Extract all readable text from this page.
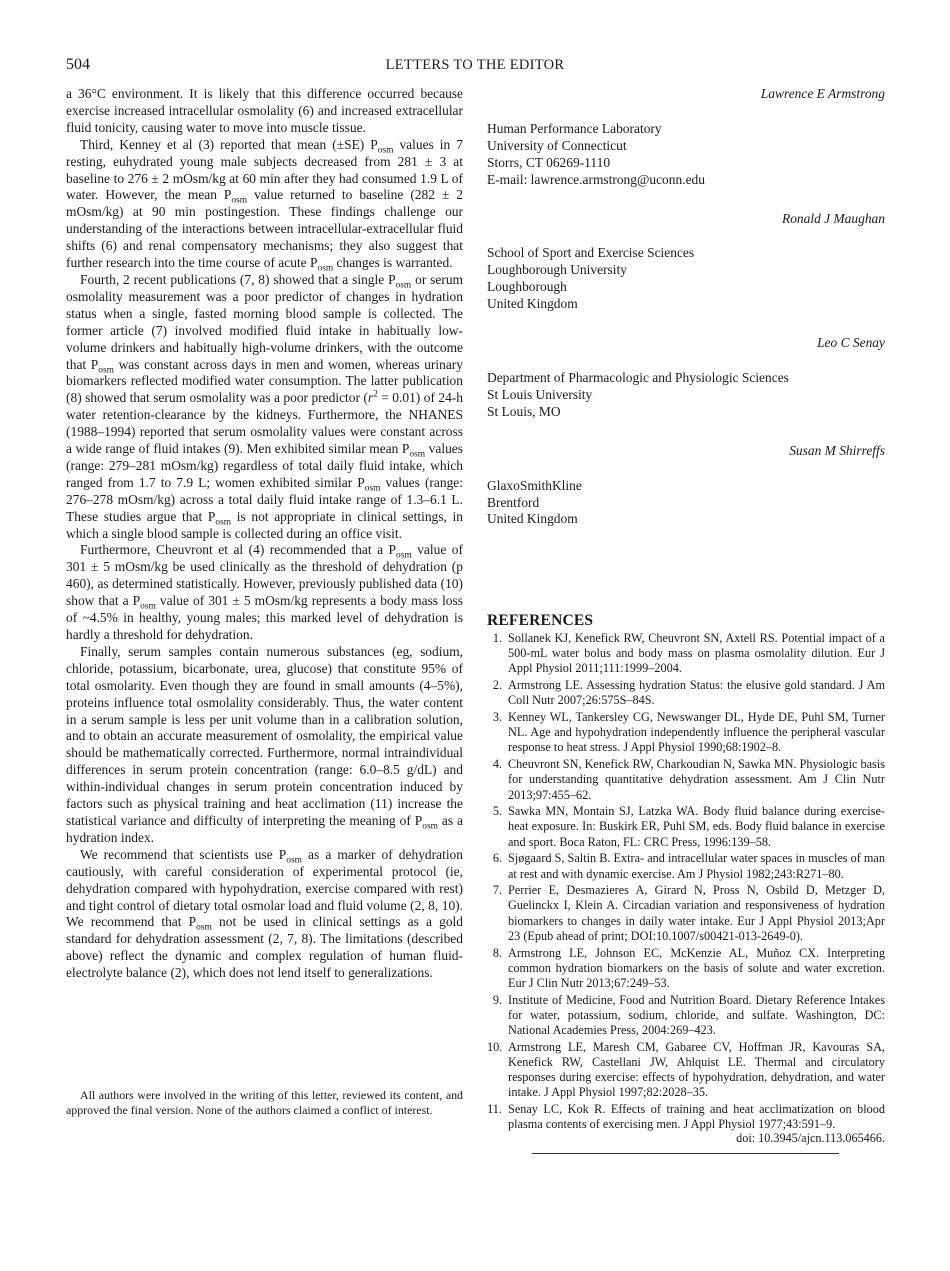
504	LETTERS TO THE EDITOR

a 36°C environment. It is likely that this difference occurred because exercise increased intracellular osmolality (6) and increased extracellular fluid tonicity, causing water to move into muscle tissue.

Third, Kenney et al (3) reported that mean (±SE) $P_{osm}$ values in 7 resting, euhydrated young male subjects decreased from 281 ± 3 at baseline to 276 ± 2 mOsm/kg at 60 min after they had consumed 1.9 L of water. However, the mean $P_{osm}$ value returned to baseline (282 ± 2 mOsm/kg) at 90 min postingestion. These findings challenge our understanding of the interactions between intracellular-extracellular fluid shifts (6) and renal compensatory mechanisms; they also suggest that further research into the time course of acute $P_{osm}$ changes is warranted.

Fourth, 2 recent publications (7, 8) showed that a single $P_{osm}$ or serum osmolality measurement was a poor predictor of changes in hydration status when a single, fasted morning blood sample is collected. The former article (7) involved modified fluid intake in habitually low-volume drinkers and habitually high-volume drinkers, with the outcome that $P_{osm}$ was constant across days in men and women, whereas urinary biomarkers reflected modified water consumption. The latter publication (8) showed that serum osmolality was a poor predictor $(r^2 = 0.01)$ of 24-h water retention-clearance by the kidneys. Furthermore, the NHANES (1988–1994) reported that serum osmolality values were constant across a wide range of fluid intakes (9). Men exhibited similar mean $P_{osm}$ values (range: 279–281 mOsm/kg) regardless of total daily fluid intake, which ranged from 1.7 to 7.9 L; women exhibited similar $P_{osm}$ values (range: 276–278 mOsm/kg) across a total daily fluid intake range of 1.3–6.1 L. These studies argue that $P_{osm}$ is not appropriate in clinical settings, in which a single blood sample is collected during an office visit.

Furthermore, Cheuvront et al (4) recommended that a $P_{osm}$ value of 301 ± 5 mOsm/kg be used clinically as the threshold of dehydration (p 460), as determined statistically. However, previously published data (10) show that a $P_{osm}$ value of 301 ± 5 mOsm/kg represents a body mass loss of ~4.5% in healthy, young males; this marked level of dehydration is hardly a threshold for dehydration.

Finally, serum samples contain numerous substances (eg, sodium, chloride, potassium, bicarbonate, urea, glucose) that constitute 95% of total osmolarity. Even though they are found in small amounts (4–5%), proteins influence total osmolality considerably. Thus, the water content in a serum sample is less per unit volume than in a calibration solution, and to obtain an accurate measurement of osmolality, the empirical value should be mathematically corrected. Furthermore, normal intraindividual differences in serum protein concentration (range: 6.0–8.5 g/dL) and within-individual changes in serum protein concentration induced by factors such as physical training and heat acclimation (11) increase the statistical variance and difficulty of interpreting the meaning of $P_{osm}$ as a hydration index.

We recommend that scientists use $P_{osm}$ as a marker of dehydration cautiously, with careful consideration of experimental protocol (ie, dehydration compared with hypohydration, exercise compared with rest) and tight control of dietary total osmolar load and fluid volume (2, 8, 10). We recommend that $P_{osm}$ not be used in clinical settings as a gold standard for dehydration assessment (2, 7, 8). The limitations (described above) reflect the dynamic and complex regulation of human fluid-electrolyte balance (2), which does not lend itself to generalizations.

All authors were involved in the writing of this letter, reviewed its content, and approved the final version. None of the authors claimed a conflict of interest.
Lawrence E Armstrong
Human Performance Laboratory
University of Connecticut
Storrs, CT 06269-1110
E-mail: lawrence.armstrong@uconn.edu
Ronald J Maughan
School of Sport and Exercise Sciences
Loughborough University
Loughborough
United Kingdom
Leo C Senay
Department of Pharmacologic and Physiologic Sciences
St Louis University
St Louis, MO
Susan M Shirreffs
GlaxoSmithKline
Brentford
United Kingdom
REFERENCES
1. Sollanek KJ, Kenefick RW, Cheuvront SN, Axtell RS. Potential impact of a 500-mL water bolus and body mass on plasma osmolality dilution. Eur J Appl Physiol 2011;111:1999–2004.
2. Armstrong LE. Assessing hydration Status: the elusive gold standard. J Am Coll Nutr 2007;26:575S–84S.
3. Kenney WL, Tankersley CG, Newswanger DL, Hyde DE, Puhl SM, Turner NL. Age and hypohydration independently influence the peripheral vascular response to heat stress. J Appl Physiol 1990;68:1902–8.
4. Cheuvront SN, Kenefick RW, Charkoudian N, Sawka MN. Physiologic basis for understanding quantitative dehydration assessment. Am J Clin Nutr 2013;97:455–62.
5. Sawka MN, Montain SJ, Latzka WA. Body fluid balance during exercise-heat exposure. In: Buskirk ER, Puhl SM, eds. Body fluid balance in exercise and sport. Boca Raton, FL: CRC Press, 1996:139–58.
6. Sjøgaard S, Saltin B. Extra- and intracellular water spaces in muscles of man at rest and with dynamic exercise. Am J Physiol 1982;243:R271–80.
7. Perrier E, Desmazieres A, Girard N, Pross N, Osbild D, Metzger D, Guelinckx I, Klein A. Circadian variation and responsiveness of hydration biomarkers to changes in daily water intake. Eur J Appl Physiol 2013;Apr 23 (Epub ahead of print; DOI:10.1007/s00421-013-2649-0).
8. Armstrong LE, Johnson EC, McKenzie AL, Muñoz CX. Interpreting common hydration biomarkers on the basis of solute and water excretion. Eur J Clin Nutr 2013;67:249–53.
9. Institute of Medicine, Food and Nutrition Board. Dietary Reference Intakes for water, potassium, sodium, chloride, and sulfate. Washington, DC: National Academies Press, 2004:269–423.
10. Armstrong LE, Maresh CM, Gabaree CV, Hoffman JR, Kavouras SA, Kenefick RW, Castellani JW, Ahlquist LE. Thermal and circulatory responses during exercise: effects of hypohydration, dehydration, and water intake. J Appl Physiol 1997;82:2028–35.
11. Senay LC, Kok R. Effects of training and heat acclimatization on blood plasma contents of exercising men. J Appl Physiol 1977;43:591–9.
doi: 10.3945/ajcn.113.065466.
